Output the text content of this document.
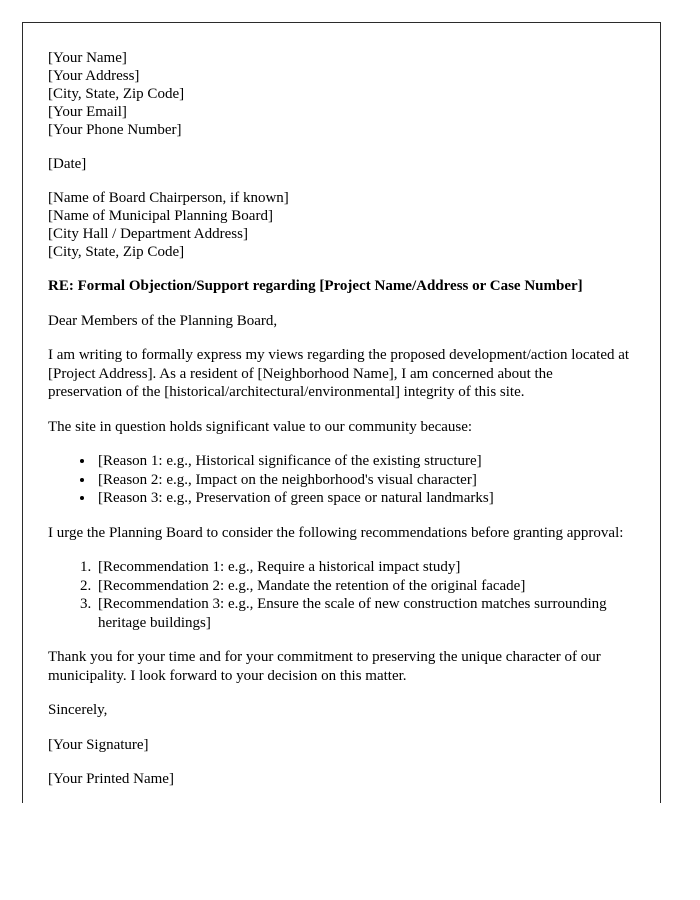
[Your Name]
[Your Address]
[City, State, Zip Code]
[Your Email]
[Your Phone Number]
[Date]
[Name of Board Chairperson, if known]
[Name of Municipal Planning Board]
[City Hall / Department Address]
[City, State, Zip Code]

RE: Formal Objection/Support regarding [Project Name/Address or Case Number]

Dear Members of the Planning Board,

I am writing to formally express my views regarding the proposed development/action located at [Project Address]. As a resident of [Neighborhood Name], I am concerned about the preservation of the [historical/architectural/environmental] integrity of this site.

The site in question holds significant value to our community because:

• [Reason 1: e.g., Historical significance of the existing structure]
• [Reason 2: e.g., Impact on the neighborhood's visual character]
• [Reason 3: e.g., Preservation of green space or natural landmarks]

I urge the Planning Board to consider the following recommendations before granting approval:

1. [Recommendation 1: e.g., Require a historical impact study]
2. [Recommendation 2: e.g., Mandate the retention of the original facade]
3. [Recommendation 3: e.g., Ensure the scale of new construction matches surrounding heritage buildings]

Thank you for your time and for your commitment to preserving the unique character of our municipality. I look forward to your decision on this matter.

Sincerely,

[Your Signature]

[Your Printed Name]
